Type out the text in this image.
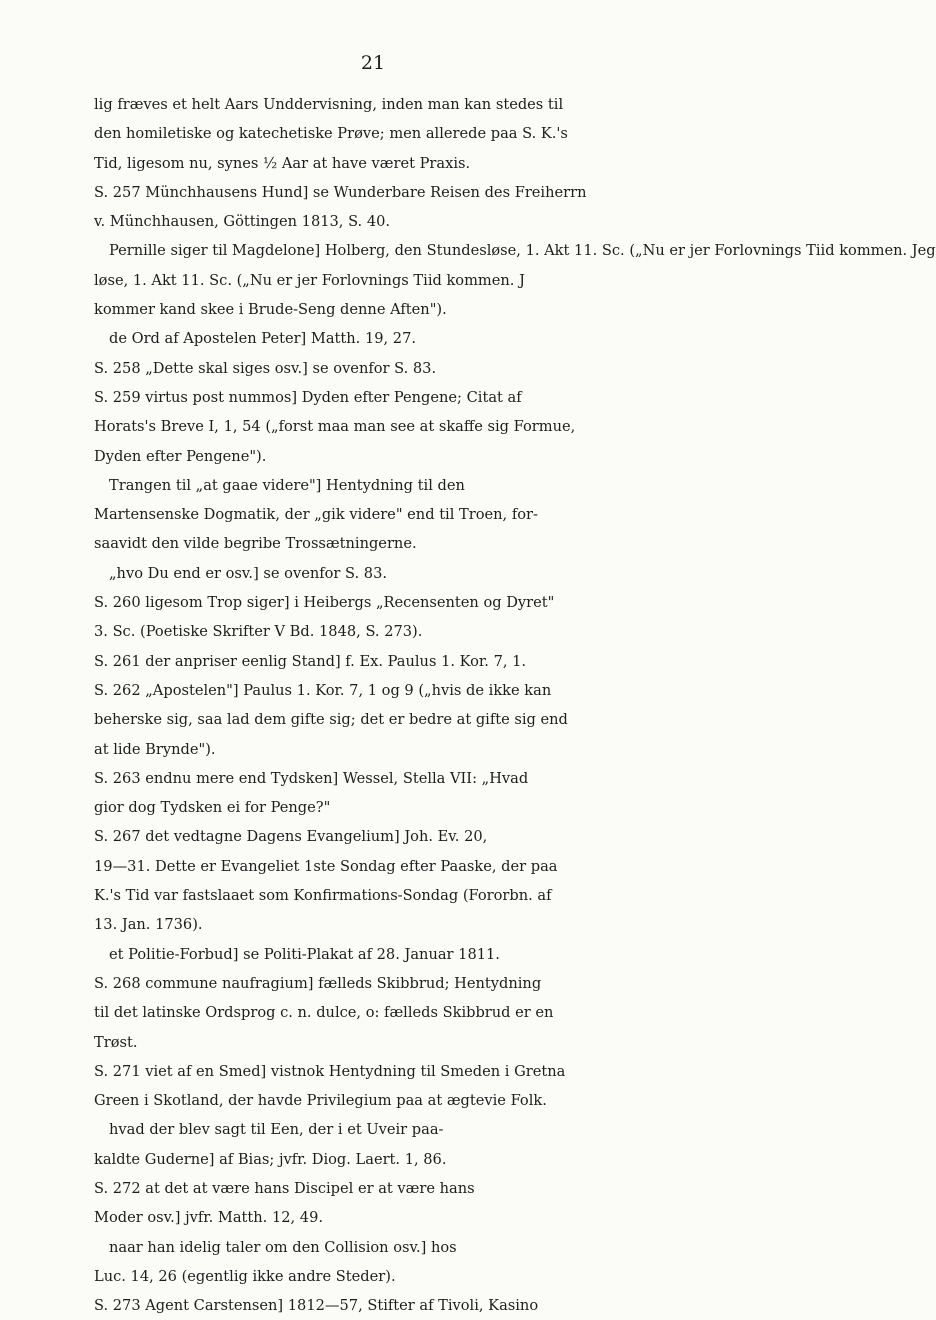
21
lig fræves et helt Aars Unddervisning, inden man kan stedes til
den homiletiske og katechetiske Prøve; men allerede paa S. K.'s
Tid, ligesom nu, synes ½ Aar at have været Praxis.
S. 257 Münchhausens Hund] se Wunderbare Reisen des Freiherrn
v. Münchhausen, Göttingen 1813, S. 40.
Pernille siger til Magdelone] Holberg, den Stundesløse, 1. Akt 11. Sc. („Nu er jer Forlovnings Tiid kommen. Jeg
løse, 1. Akt 11. Sc. („Nu er jer Forlovnings Tiid kommen. J
kommer kand skee i Brude-Seng denne Aften").
de Ord af Apostelen Peter] Matth. 19, 27.
S. 258 „Dette skal siges osv.] se ovenfor S. 83.
S. 259 virtus post nummos] Dyden efter Pengene; Citat af
Horats's Breve I, 1, 54 („forst maa man see at skaffe sig Formue,
Dyden efter Pengene").
Trangen til „at gaae videre"] Hentydning til den
Martensenske Dogmatik, der „gik videre" end til Troen, for-
saavidt den vilde begribe Trossætningerne.
„hvo Du end er osv.] se ovenfor S. 83.
S. 260 ligesom Trop siger] i Heibergs „Recensenten og Dyret"
3. Sc. (Poetiske Skrifter V Bd. 1848, S. 273).
S. 261 der anpriser eenlig Stand] f. Ex. Paulus 1. Kor. 7, 1.
S. 262 „Apostelen"] Paulus 1. Kor. 7, 1 og 9 („hvis de ikke kan
beherske sig, saa lad dem gifte sig; det er bedre at gifte sig end
at lide Brynde").
S. 263 endnu mere end Tydsken] Wessel, Stella VII: „Hvad
gior dog Tydsken ei for Penge?"
S. 267 det vedtagne Dagens Evangelium] Joh. Ev. 20,
19—31. Dette er Evangeliet 1ste Sondag efter Paaske, der paa
K.'s Tid var fastslaaet som Konfirmations-Sondag (Fororbn. af
13. Jan. 1736).
et Politie-Forbud] se Politi-Plakat af 28. Januar 1811.
S. 268 commune naufragium] fælleds Skibbrud; Hentydning
til det latinske Ordsprog c. n. dulce, o: fælleds Skibbrud er en
Trøst.
S. 271 viet af en Smed] vistnok Hentydning til Smeden i Gretna
Green i Skotland, der havde Privilegium paa at ægtevie Folk.
hvad der blev sagt til Een, der i et Uveir paa-
kaldte Guderne] af Bias; jvfr. Diog. Laert. 1, 86.
S. 272 at det at være hans Discipel er at være hans
Moder osv.] jvfr. Matth. 12, 49.
naar han idelig taler om den Collision osv.] hos
Luc. 14, 26 (egentlig ikke andre Steder).
S. 273 Agent Carstensen] 1812—57, Stifter af Tivoli, Kasino
